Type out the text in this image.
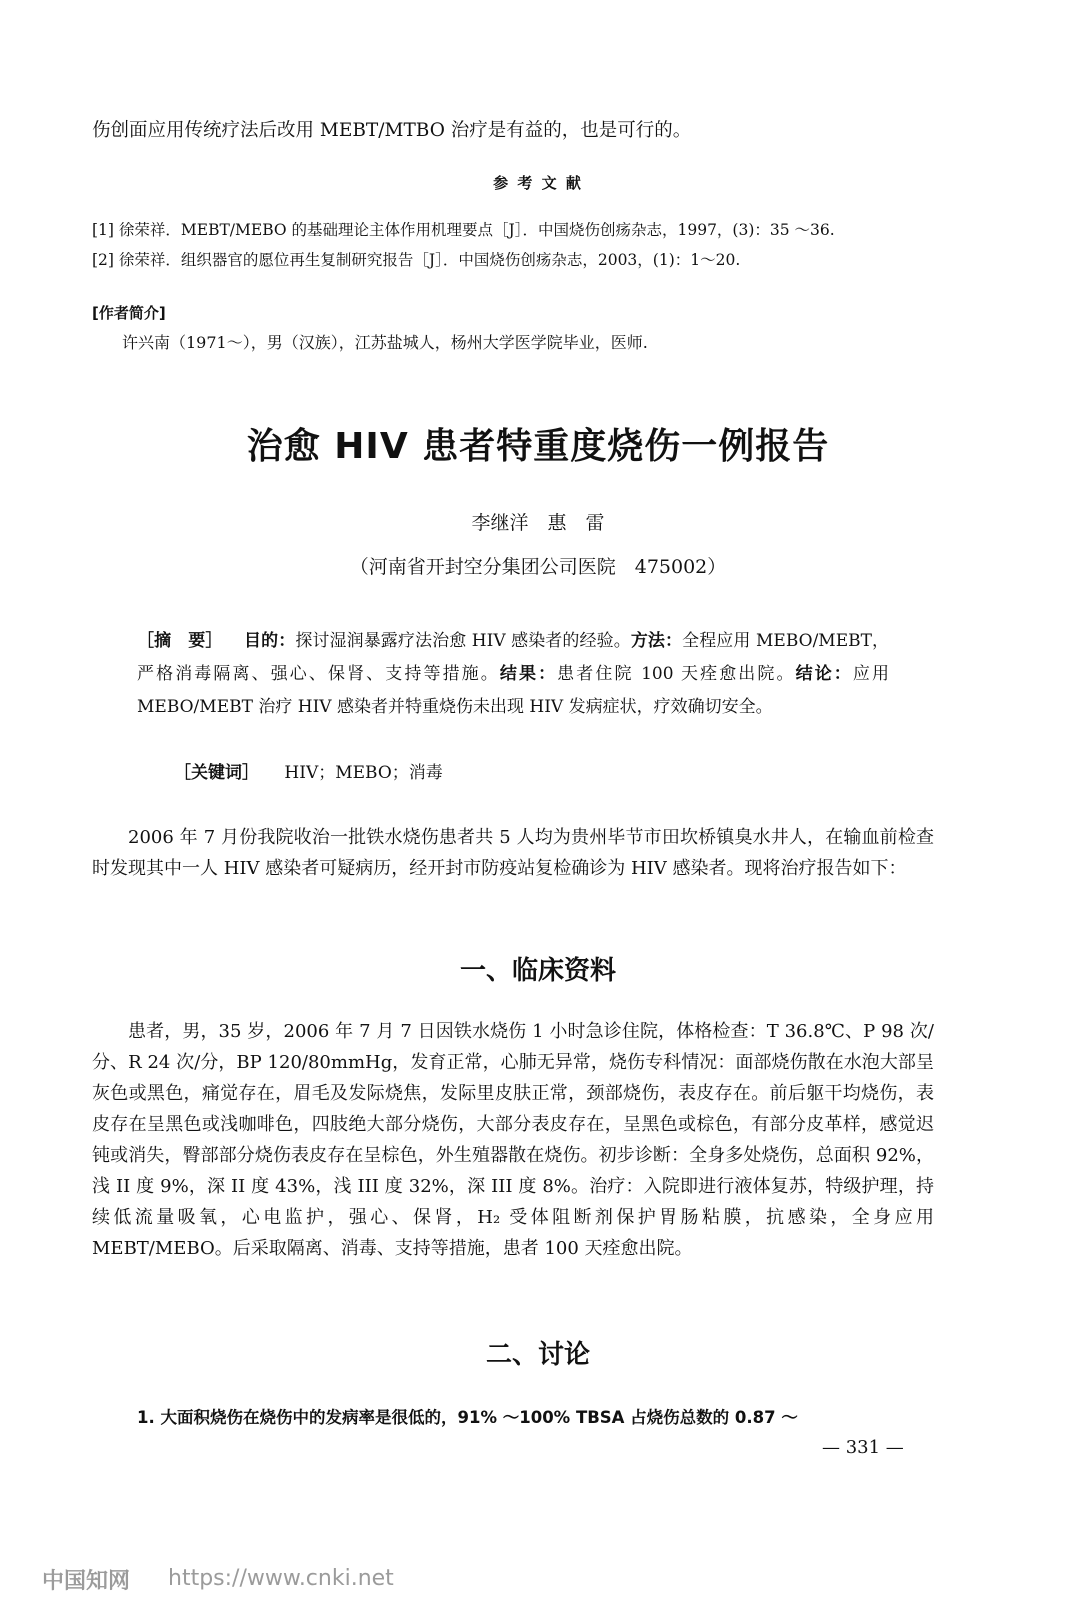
伤创面应用传统疗法后改用 MEBT/MTBO 治疗是有益的，也是可行的。
参 考 文 献
[1] 徐荣祥．MEBT/MEBO 的基础理论主体作用机理要点［J］．中国烧伤创疡杂志，1997，(3)：35 ～36.
[2] 徐荣祥．组织器官的愿位再生复制研究报告［J］．中国烧伤创疡杂志，2003，(1)：1～20.
[作者简介]
许兴南（1971～），男（汉族），江苏盐城人，杨州大学医学院毕业，医师.
治愈 HIV 患者特重度烧伤一例报告
李继洋　惠　雷
（河南省开封空分集团公司医院　475002）
［摘　要］ 目的：探讨湿润暴露疗法治愈 HIV 感染者的经验。方法：全程应用 MEBO/MEBT，严格消毒隔离、强心、保肾、支持等措施。结果：患者住院 100 天痊愈出院。结论：应用 MEBO/MEBT 治疗 HIV 感染者并特重烧伤未出现 HIV 发病症状，疗效确切安全。
［关键词］ HIV；MEBO；消毒
2006 年 7 月份我院收治一批铁水烧伤患者共 5 人均为贵州毕节市田坎桥镇臭水井人，在输血前检查时发现其中一人 HIV 感染者可疑病历，经开封市防疫站复检确诊为 HIV 感染者。现将治疗报告如下：
一、临床资料
患者，男，35 岁，2006 年 7 月 7 日因铁水烧伤 1 小时急诊住院，体格检查：T 36.8℃、P 98 次/分、R 24 次/分，BP 120/80mmHg，发育正常，心肺无异常，烧伤专科情况：面部烧伤散在水泡大部呈灰色或黑色，痛觉存在，眉毛及发际烧焦，发际里皮肤正常，颈部烧伤，表皮存在。前后躯干均烧伤，表皮存在呈黑色或浅咖啡色，四肢绝大部分烧伤，大部分表皮存在，呈黑色或棕色，有部分皮革样，感觉迟钝或消失，臀部部分烧伤表皮存在呈棕色，外生殖器散在烧伤。初步诊断：全身多处烧伤，总面积 92%，浅 II 度 9%，深 II 度 43%，浅 III 度 32%，深 III 度 8%。治疗：入院即进行液体复苏，特级护理，持续低流量吸氧，心电监护，强心、保肾，H₂ 受体阻断剂保护胃肠粘膜，抗感染，全身应用 MEBT/MEBO。后采取隔离、消毒、支持等措施，患者 100 天痊愈出院。
二、讨论
1. 大面积烧伤在烧伤中的发病率是很低的，91% ～100% TBSA 占烧伤总数的 0.87 ～
— 331 —
中国知网 https://www.cnki.net
